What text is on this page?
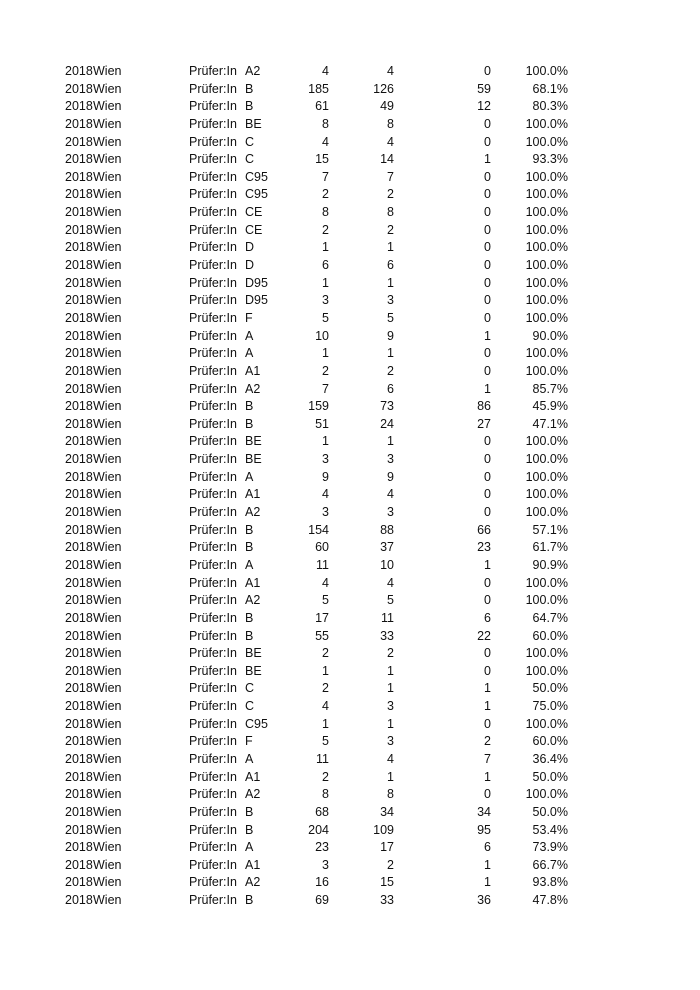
2018 Wien	Prüfer:In A2	4	4	0	100.0%
2018 Wien	Prüfer:In B	185	126	59	68.1%
2018 Wien	Prüfer:In B	61	49	12	80.3%
2018 Wien	Prüfer:In BE	8	8	0	100.0%
2018 Wien	Prüfer:In C	4	4	0	100.0%
2018 Wien	Prüfer:In C	15	14	1	93.3%
2018 Wien	Prüfer:In C95	7	7	0	100.0%
2018 Wien	Prüfer:In C95	2	2	0	100.0%
2018 Wien	Prüfer:In CE	8	8	0	100.0%
2018 Wien	Prüfer:In CE	2	2	0	100.0%
2018 Wien	Prüfer:In D	1	1	0	100.0%
2018 Wien	Prüfer:In D	6	6	0	100.0%
2018 Wien	Prüfer:In D95	1	1	0	100.0%
2018 Wien	Prüfer:In D95	3	3	0	100.0%
2018 Wien	Prüfer:In F	5	5	0	100.0%
2018 Wien	Prüfer:In A	10	9	1	90.0%
2018 Wien	Prüfer:In A	1	1	0	100.0%
2018 Wien	Prüfer:In A1	2	2	0	100.0%
2018 Wien	Prüfer:In A2	7	6	1	85.7%
2018 Wien	Prüfer:In B	159	73	86	45.9%
2018 Wien	Prüfer:In B	51	24	27	47.1%
2018 Wien	Prüfer:In BE	1	1	0	100.0%
2018 Wien	Prüfer:In BE	3	3	0	100.0%
2018 Wien	Prüfer:In A	9	9	0	100.0%
2018 Wien	Prüfer:In A1	4	4	0	100.0%
2018 Wien	Prüfer:In A2	3	3	0	100.0%
2018 Wien	Prüfer:In B	154	88	66	57.1%
2018 Wien	Prüfer:In B	60	37	23	61.7%
2018 Wien	Prüfer:In A	11	10	1	90.9%
2018 Wien	Prüfer:In A1	4	4	0	100.0%
2018 Wien	Prüfer:In A2	5	5	0	100.0%
2018 Wien	Prüfer:In B	17	11	6	64.7%
2018 Wien	Prüfer:In B	55	33	22	60.0%
2018 Wien	Prüfer:In BE	2	2	0	100.0%
2018 Wien	Prüfer:In BE	1	1	0	100.0%
2018 Wien	Prüfer:In C	2	1	1	50.0%
2018 Wien	Prüfer:In C	4	3	1	75.0%
2018 Wien	Prüfer:In C95	1	1	0	100.0%
2018 Wien	Prüfer:In F	5	3	2	60.0%
2018 Wien	Prüfer:In A	11	4	7	36.4%
2018 Wien	Prüfer:In A1	2	1	1	50.0%
2018 Wien	Prüfer:In A2	8	8	0	100.0%
2018 Wien	Prüfer:In B	68	34	34	50.0%
2018 Wien	Prüfer:In B	204	109	95	53.4%
2018 Wien	Prüfer:In A	23	17	6	73.9%
2018 Wien	Prüfer:In A1	3	2	1	66.7%
2018 Wien	Prüfer:In A2	16	15	1	93.8%
2018 Wien	Prüfer:In B	69	33	36	47.8%
